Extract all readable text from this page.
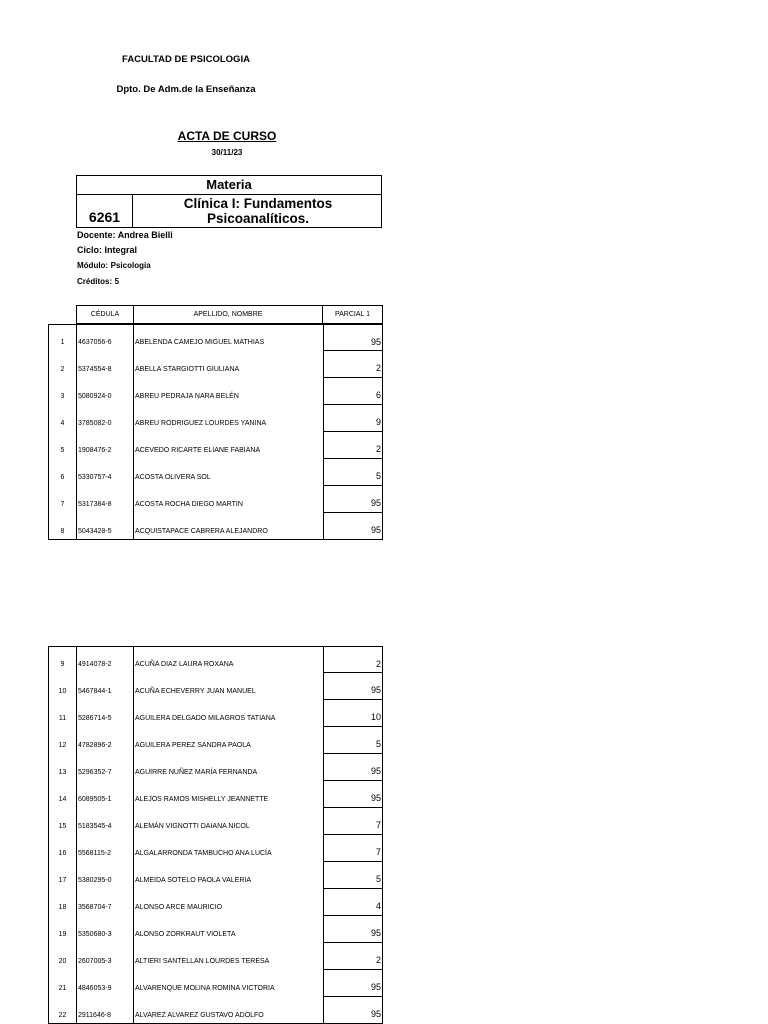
FACULTAD DE PSICOLOGIA
Dpto. De Adm.de la Enseñanza
ACTA DE CURSO
30/11/23
Materia
6261
Clínica I: Fundamentos
Psicoanalíticos.
Docente: Andrea Bielli
Ciclo: Integral
Módulo: Psicología
Créditos: 5
CÉDULA	APELLIDO, NOMBRE	PARCIAL 1
1	4637056-6	ABELENDA CAMEJO MIGUEL MATHIAS	95
2	5374554-8	ABELLA STARGIOTTI GIULIANA	2
3	5080924-0	ABREU PEDRAJA NARA BELÉN	6
4	3785082-0	ABREU RODRIGUEZ LOURDES YANINA	9
5	1908476-2	ACEVEDO RICARTE ELIANE FABIANA	2
6	5330757-4	ACOSTA OLIVERA SOL	5
7	5317384-8	ACOSTA ROCHA DIEGO MARTIN	95
8	5043428-5	ACQUISTAPACE CABRERA ALEJANDRO	95
9	4914078-2	ACUÑA DIAZ LAURA ROXANA	2
10	5467844-1	ACUÑA ECHEVERRY JUAN MANUEL	95
11	5286714-5	AGUILERA DELGADO MILAGROS TATIANA	10
12	4782896-2	AGUILERA PEREZ SANDRA PAOLA	5
13	5296352-7	AGUIRRE NUÑEZ MARÍA FERNANDA	95
14	6089505-1	ALEJOS RAMOS MISHELLY JEANNETTE	95
15	5183545-4	ALEMÁN VIGNOTTI DAIANA NICOL	7
16	5568115-2	ALGALARRONDA TAMBUCHO ANA LUCÍA	7
17	5380295-0	ALMEIDA SOTELO PAOLA VALERIA	5
18	3568704-7	ALONSO ARCE MAURICIO	4
19	5350680-3	ALONSO ZORKRAUT VIOLETA	95
20	2607005-3	ALTIERI SANTELLAN LOURDES TERESA	2
21	4846053-9	ALVARENQUE MOLINA ROMINA VICTORIA	95
22	2911646-8	ALVAREZ ALVAREZ GUSTAVO ADOLFO	95
